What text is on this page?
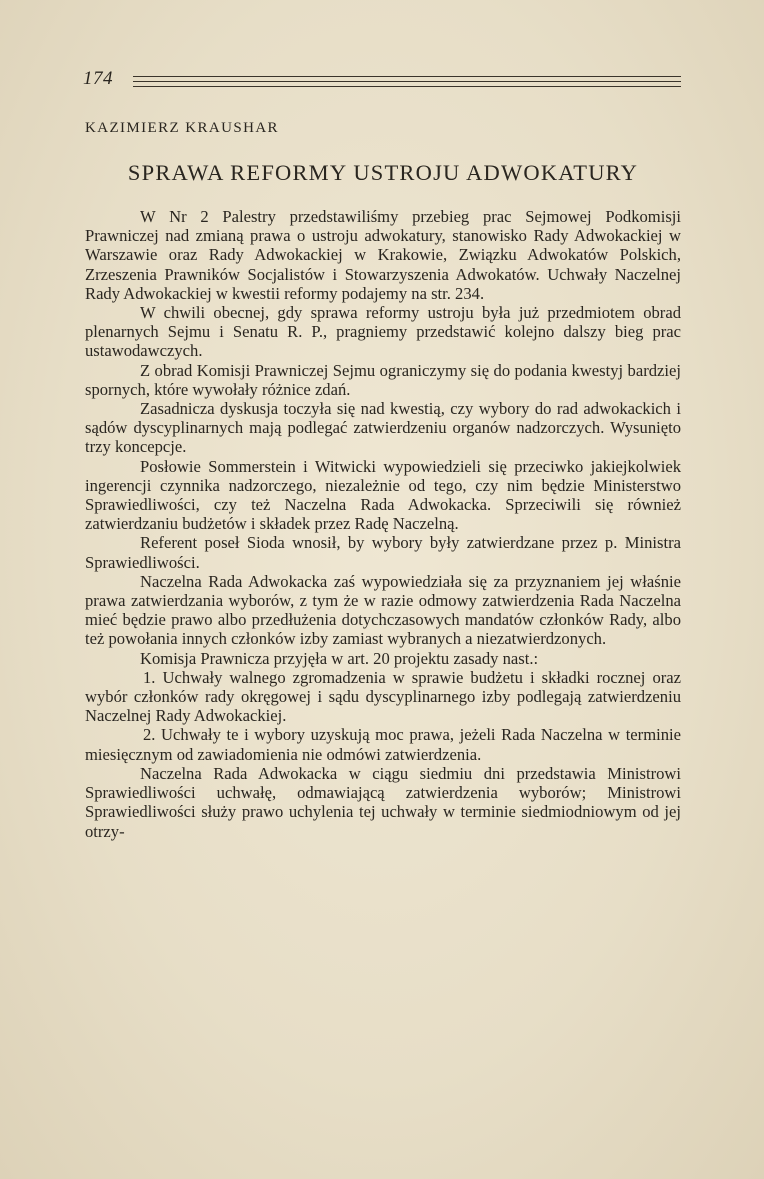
174
KAZIMIERZ KRAUSHAR
SPRAWA REFORMY USTROJU ADWOKATURY

W Nr 2 Palestry przedstawiliśmy przebieg prac Sejmowej Podkomisji Prawniczej nad zmianą prawa o ustroju adwokatury, stanowisko Rady Adwokackiej w Warszawie oraz Rady Adwokackiej w Krakowie, Związku Adwokatów Polskich, Zrzeszenia Prawników Socjalistów i Stowarzyszenia Adwokatów. Uchwały Naczelnej Rady Adwokackiej w kwestii reformy podajemy na str. 234.

W chwili obecnej, gdy sprawa reformy ustroju była już przedmiotem obrad plenarnych Sejmu i Senatu R. P., pragniemy przedstawić kolejno dalszy bieg prac ustawodawczych.

Z obrad Komisji Prawniczej Sejmu ograniczymy się do podania kwestyj bardziej spornych, które wywołały różnice zdań.

Zasadnicza dyskusja toczyła się nad kwestią, czy wybory do rad adwokackich i sądów dyscyplinarnych mają podlegać zatwierdzeniu organów nadzorczych. Wysunięto trzy koncepcje.

Posłowie Sommerstein i Witwicki wypowiedzieli się przeciwko jakiejkolwiek ingerencji czynnika nadzorczego, niezależnie od tego, czy nim będzie Ministerstwo Sprawiedliwości, czy też Naczelna Rada Adwokacka. Sprzeciwili się również zatwierdzaniu budżetów i składek przez Radę Naczelną.

Referent poseł Sioda wnosił, by wybory były zatwierdzane przez p. Ministra Sprawiedliwości.

Naczelna Rada Adwokacka zaś wypowiedziała się za przyznaniem jej właśnie prawa zatwierdzania wyborów, z tym że w razie odmowy zatwierdzenia Rada Naczelna mieć będzie prawo albo przedłużenia dotychczasowych mandatów członków Rady, albo też powołania innych członków izby zamiast wybranych a niezatwierdzonych.

Komisja Prawnicza przyjęła w art. 20 projektu zasady nast.:

1. Uchwały walnego zgromadzenia w sprawie budżetu i składki rocznej oraz wybór członków rady okręgowej i sądu dyscyplinarnego izby podlegają zatwierdzeniu Naczelnej Rady Adwokackiej.

2. Uchwały te i wybory uzyskują moc prawa, jeżeli Rada Naczelna w terminie miesięcznym od zawiadomienia nie odmówi zatwierdzenia.

Naczelna Rada Adwokacka w ciągu siedmiu dni przedstawia Ministrowi Sprawiedliwości uchwałę, odmawiającą zatwierdzenia wyborów; Ministrowi Sprawiedliwości służy prawo uchylenia tej uchwały w terminie siedmiodniowym od jej otrzy-
